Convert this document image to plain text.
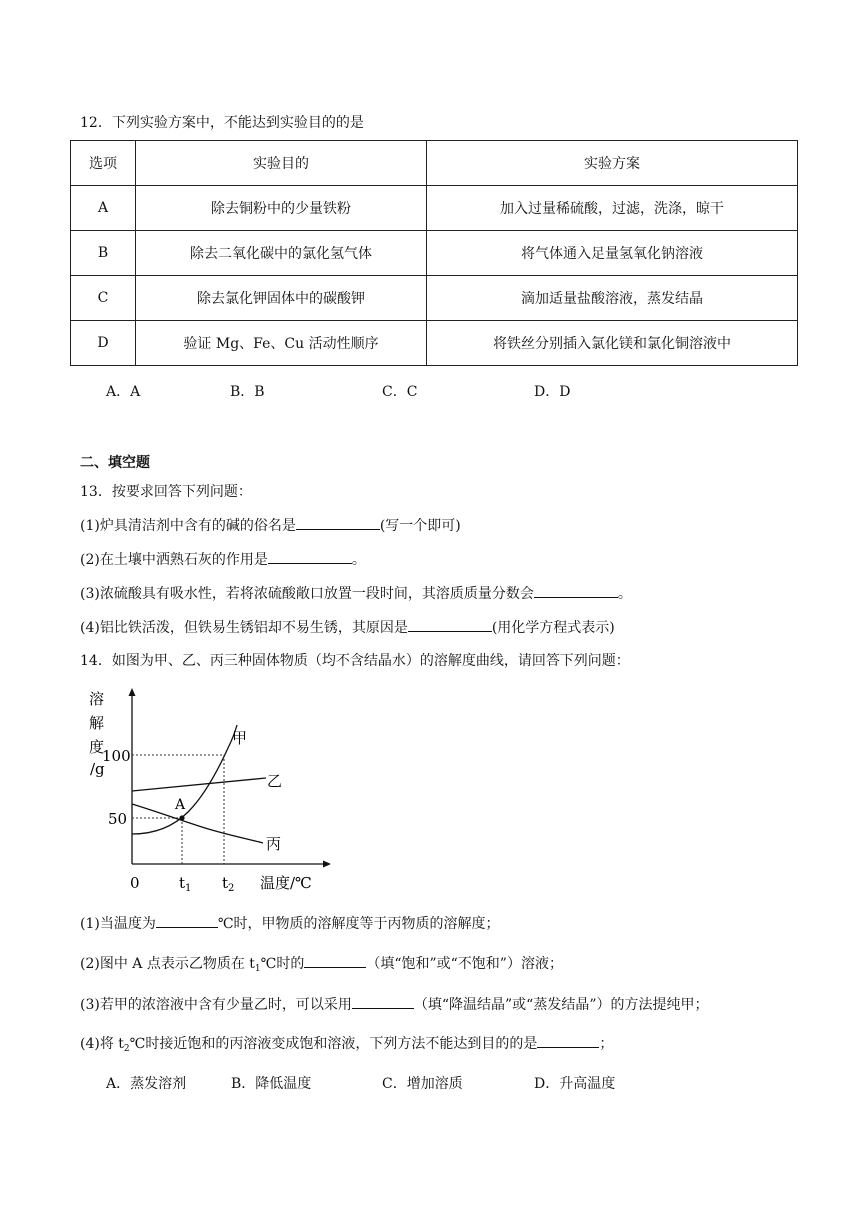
12．下列实验方案中，不能达到实验目的的是
选项	实验目的	实验方案
A	除去铜粉中的少量铁粉	加入过量稀硫酸，过滤，洗涤，晾干
B	除去二氧化碳中的氯化氢气体	将气体通入足量氢氧化钠溶液
C	除去氯化钾固体中的碳酸钾	滴加适量盐酸溶液，蒸发结晶
D	验证 Mg、Fe、Cu 活动性顺序	将铁丝分别插入氯化镁和氯化铜溶液中
A．A	B．B	C．C	D．D
二、填空题
13．按要求回答下列问题：
(1)炉具清洁剂中含有的碱的俗名是	(写一个即可)
(2)在土壤中洒熟石灰的作用是	。
(3)浓硫酸具有吸水性，若将浓硫酸敞口放置一段时间，其溶质质量分数会	。
(4)铝比铁活泼，但铁易生锈铝却不易生锈，其原因是	(用化学方程式表示)
14．如图为甲、乙、丙三种固体物质（均不含结晶水）的溶解度曲线，请回答下列问题：
溶
解
度
/g
A
甲
乙
丙
100
50
0	$t_1$ $t_2$ 温度/℃
(1)当温度为	℃时，甲物质的溶解度等于丙物质的溶解度；
(2)图中 A 点表示乙物质在 $t_1℃$时的	（填“饱和”或“不饱和”）溶液；
(3)若甲的浓溶液中含有少量乙时，可以采用	（填“降温结晶”或“蒸发结晶”）的方法提纯甲；
(4)将 $t_2℃$时接近饱和的丙溶液变成饱和溶液，下列方法不能达到目的的是	；
A．蒸发溶剂	B．降低温度	C．增加溶质	D．升高温度
